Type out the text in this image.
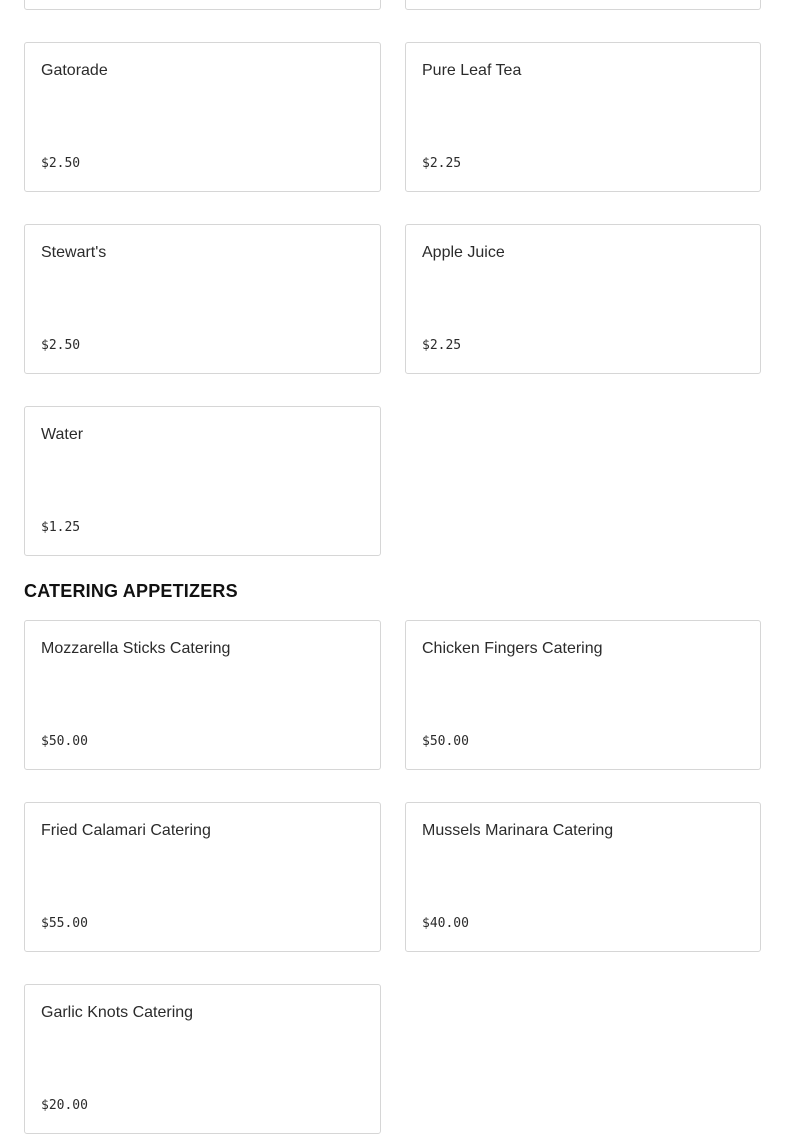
Gatorade
$2.50
Pure Leaf Tea
$2.25
Stewart's
$2.50
Apple Juice
$2.25
Water
$1.25
CATERING APPETIZERS
Mozzarella Sticks Catering
$50.00
Chicken Fingers Catering
$50.00
Fried Calamari Catering
$55.00
Mussels Marinara Catering
$40.00
Garlic Knots Catering
$20.00
